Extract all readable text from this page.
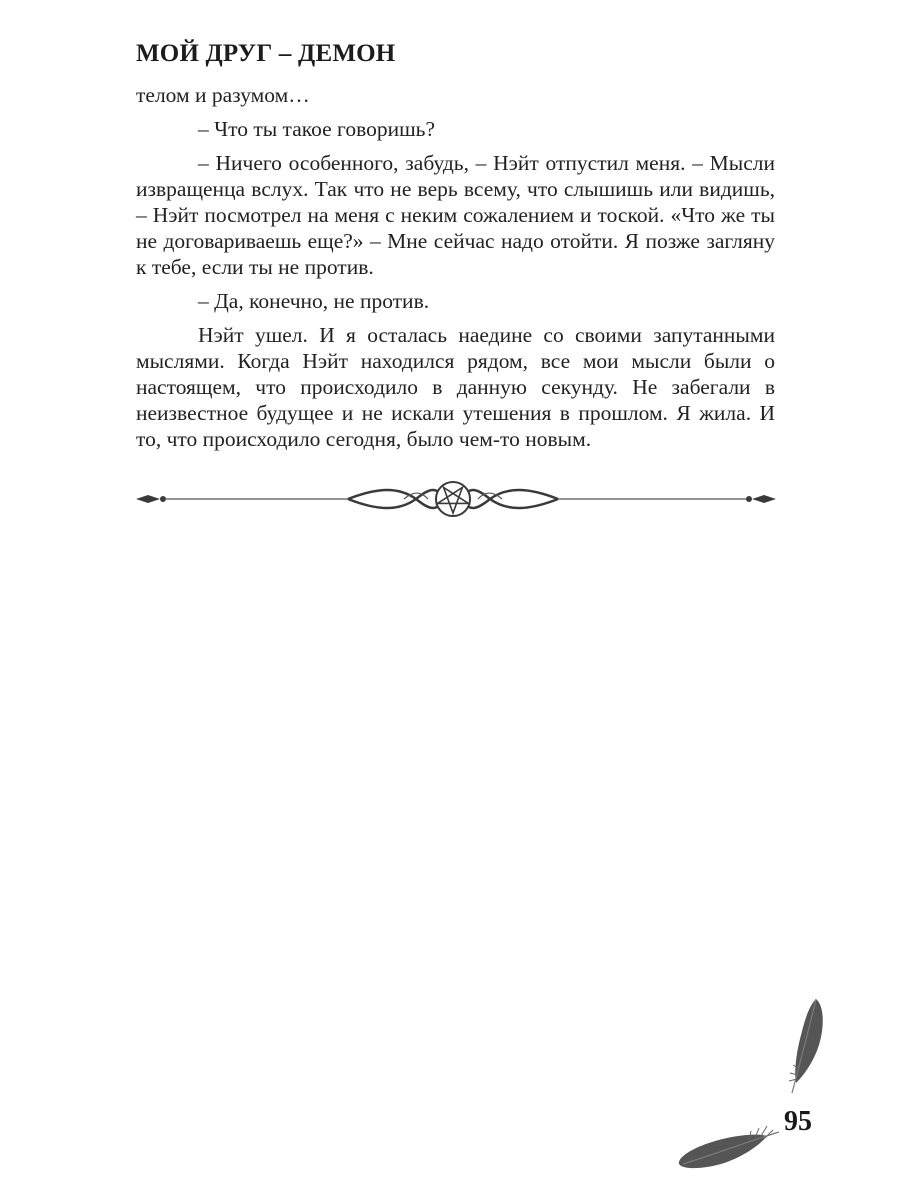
МОЙ ДРУГ – ДЕМОН

телом и разумом…

– Что ты такое говоришь?

– Ничего особенного, забудь, – Нэйт отпустил меня. – Мысли извращенца вслух. Так что не верь всему, что слышишь или видишь, – Нэйт посмотрел на меня с неким сожалением и тоской. «Что же ты не договариваешь еще?» – Мне сейчас надо отойти. Я позже загляну к тебе, если ты не против.

– Да, конечно, не против.

Нэйт ушел. И я осталась наедине со своими запутанными мыслями. Когда Нэйт находился рядом, все мои мысли были о настоящем, что происходило в данную секунду. Не забегали в неизвестное будущее и не искали утешения в прошлом. Я жила. И то, что происходило сегодня, было чем-то новым.

95
